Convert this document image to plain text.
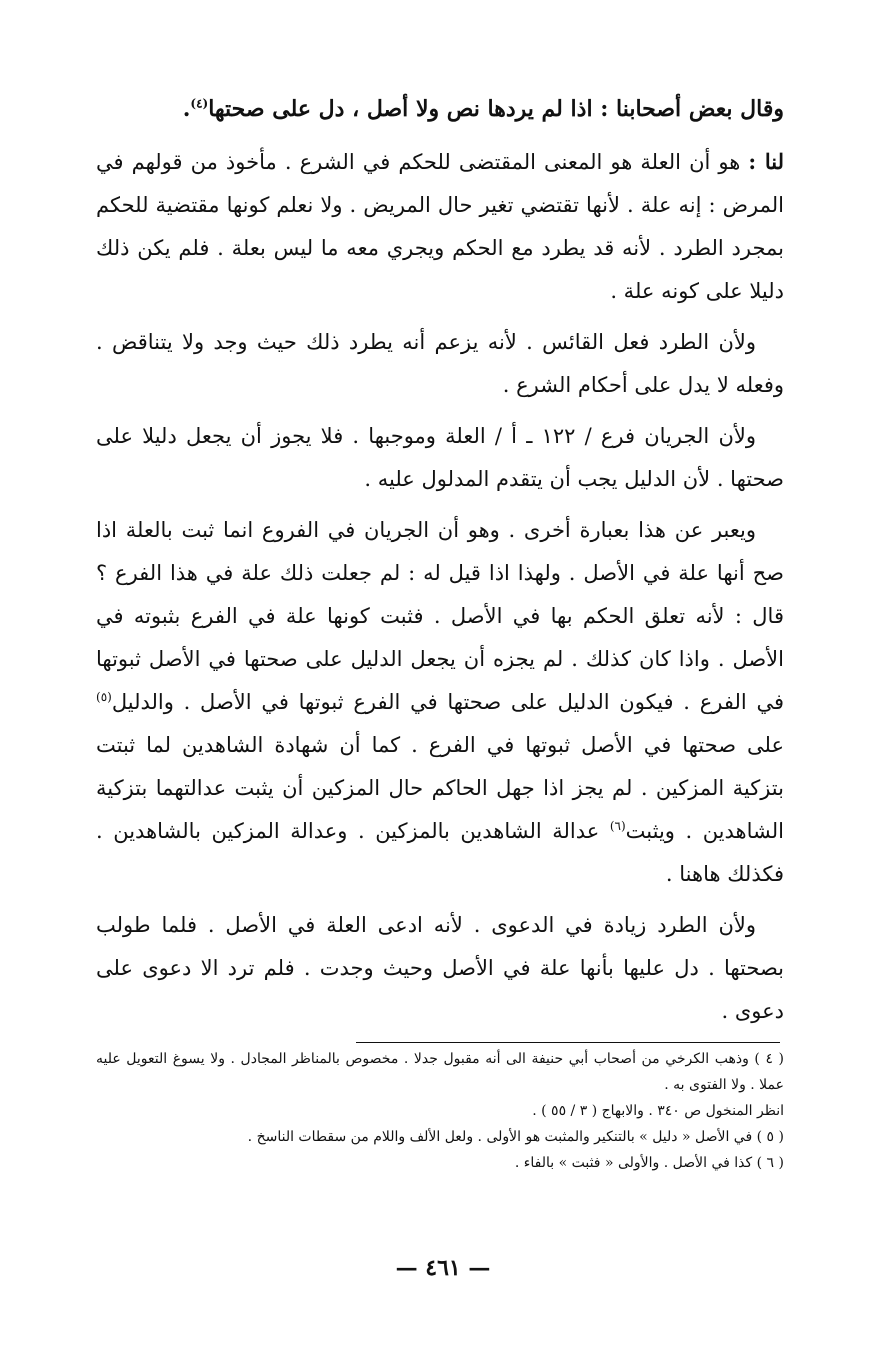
وقال بعض أصحابنا : اذا لم يردها نص ولا أصل ، دل على صحتها$^{(٤)}$.

لنا : هو أن العلة هو المعنى المقتضى للحكم في الشرع . مأخوذ من قولهم في المرض : إنه علة . لأنها تقتضي تغير حال المريض . ولا نعلم كونها مقتضية للحكم بمجرد الطرد . لأنه قد يطرد مع الحكم ويجري معه ما ليس بعلة . فلم يكن ذلك دليلا على كونه علة .

ولأن الطرد فعل القائس . لأنه يزعم أنه يطرد ذلك حيث وجد ولا يتناقض . وفعله لا يدل على أحكام الشرع .

ولأن الجريان فرع / ١٢٢ ـ أ / العلة وموجبها . فلا يجوز أن يجعل دليلا على صحتها . لأن الدليل يجب أن يتقدم المدلول عليه .

ويعبر عن هذا بعبارة أخرى . وهو أن الجريان في الفروع انما ثبت بالعلة اذا صح أنها علة في الأصل . ولهذا اذا قيل له : لم جعلت ذلك علة في هذا الفرع ؟ قال : لأنه تعلق الحكم بها في الأصل . فثبت كونها علة في الفرع بثبوته في الأصل . واذا كان كذلك . لم يجزه أن يجعل الدليل على صحتها في الأصل ثبوتها في الفرع . فيكون الدليل على صحتها في الفرع ثبوتها في الأصل . والدليل$^{(٥)}$ على صحتها في الأصل ثبوتها في الفرع . كما أن شهادة الشاهدين لما ثبتت بتزكية المزكين . لم يجز اذا جهل الحاكم حال المزكين أن يثبت عدالتهما بتزكية الشاهدين . ويثبت$^{(٦)}$ عدالة الشاهدين بالمزكين . وعدالة المزكين بالشاهدين . فكذلك هاهنا .

ولأن الطرد زيادة في الدعوى . لأنه ادعى العلة في الأصل . فلما طولب بصحتها . دل عليها بأنها علة في الأصل وحيث وجدت . فلم ترد الا دعوى على دعوى .

( ٤ ) وذهب الكرخي من أصحاب أبي حنيفة الى أنه مقبول جدلا . مخصوص بالمناظر المجادل . ولا يسوغ التعويل عليه عملا . ولا الفتوى به .

انظر المنخول ص ٣٤٠ . والابهاج ( ٣ / ٥٥ ) .

( ٥ ) في الأصل « دليل » بالتنكير والمثبت هو الأولى . ولعل الألف واللام من سقطات الناسخ .

( ٦ ) كذا في الأصل . والأولى « فثبت » بالفاء .

— ٤٦١ —
